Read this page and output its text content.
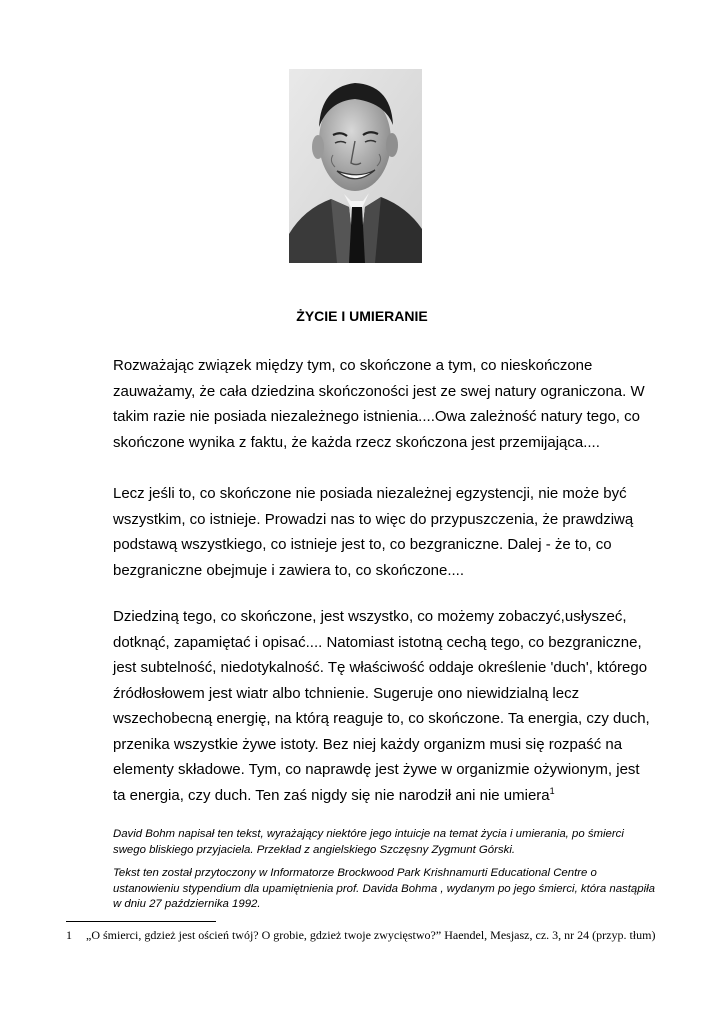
ŻYCIE I UMIERANIE

Rozważając związek między tym, co skończone a tym, co nieskończone zauważamy, że cała dziedzina skończoności jest ze swej natury ograniczona. W takim razie nie posiada niezależnego istnienia....Owa zależność natury tego, co skończone wynika z faktu, że każda rzecz skończona jest przemijająca....

Lecz jeśli to, co skończone nie posiada niezależnej egzystencji, nie może być wszystkim, co istnieje. Prowadzi nas to więc do przypuszczenia, że prawdziwą podstawą wszystkiego, co istnieje jest to, co bezgraniczne. Dalej - że to, co bezgraniczne obejmuje i zawiera to, co skończone....

Dziedziną tego, co skończone, jest wszystko, co możemy zobaczyć,usłyszeć, dotknąć, zapamiętać i opisać.... Natomiast istotną cechą tego, co bezgraniczne, jest subtelność, niedotykalność. Tę właściwość oddaje określenie 'duch', którego źródłosłowem jest wiatr albo tchnienie. Sugeruje ono niewidzialną lecz wszechobecną energię, na którą reaguje to, co skończone. Ta energia, czy duch, przenika wszystkie żywe istoty. Bez niej każdy organizm musi się rozpaść na elementy składowe. Tym, co naprawdę jest żywe w organizmie ożywionym, jest ta energia, czy duch. Ten zaś nigdy się nie narodził ani nie umiera$^1$

David Bohm napisał ten tekst, wyrażający niektóre jego intuicje na temat życia i umierania, po śmierci swego bliskiego przyjaciela. Przekład z angielskiego Szczęsny Zygmunt Górski.

Tekst ten został przytoczony w Informatorze Brockwood Park Krishnamurti Educational Centre o ustanowieniu stypendium dla upamiętnienia prof. Davida Bohma , wydanym po jego śmierci, która nastąpiła w dniu 27 października 1992.

1 „O śmierci, gdzież jest oścień twój? O grobie, gdzież twoje zwycięstwo?” Haendel, Mesjasz, cz. 3, nr 24 (przyp. tłum)
